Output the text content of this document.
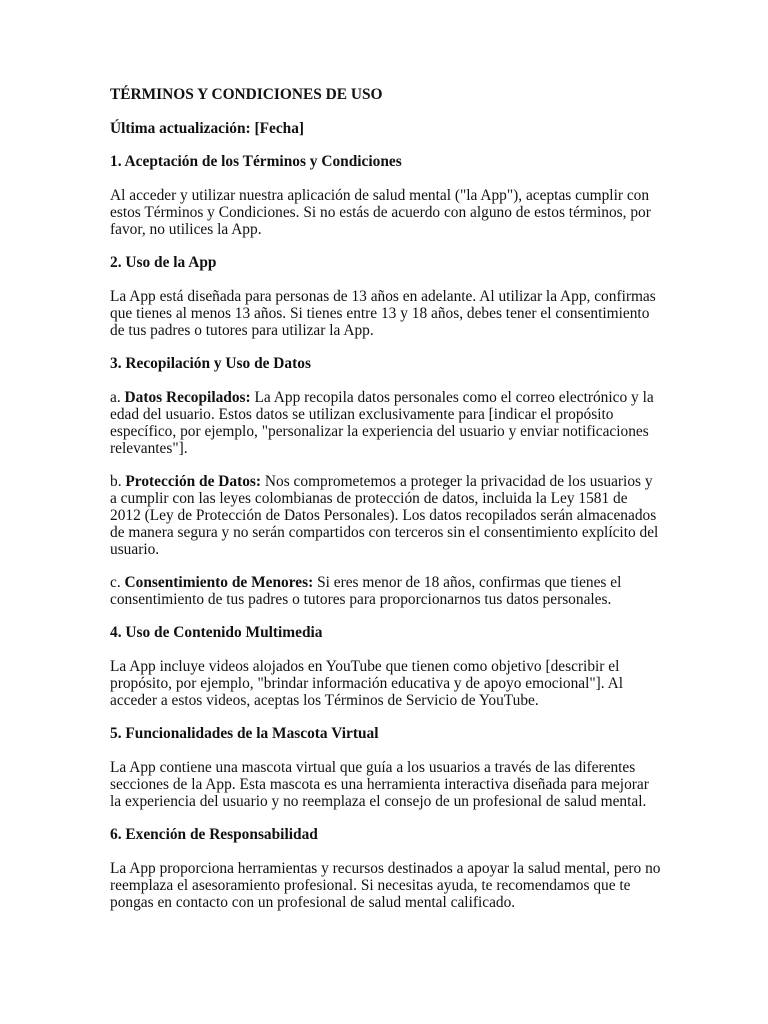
TÉRMINOS Y CONDICIONES DE USO
Última actualización: [Fecha]
1. Aceptación de los Términos y Condiciones

Al acceder y utilizar nuestra aplicación de salud mental ("la App"), aceptas cumplir con estos Términos y Condiciones. Si no estás de acuerdo con alguno de estos términos, por favor, no utilices la App.

2. Uso de la App

La App está diseñada para personas de 13 años en adelante. Al utilizar la App, confirmas que tienes al menos 13 años. Si tienes entre 13 y 18 años, debes tener el consentimiento de tus padres o tutores para utilizar la App.

3. Recopilación y Uso de Datos

a. Datos Recopilados: La App recopila datos personales como el correo electrónico y la edad del usuario. Estos datos se utilizan exclusivamente para [indicar el propósito específico, por ejemplo, "personalizar la experiencia del usuario y enviar notificaciones relevantes"].

b. Protección de Datos: Nos comprometemos a proteger la privacidad de los usuarios y a cumplir con las leyes colombianas de protección de datos, incluida la Ley 1581 de 2012 (Ley de Protección de Datos Personales). Los datos recopilados serán almacenados de manera segura y no serán compartidos con terceros sin el consentimiento explícito del usuario.

c. Consentimiento de Menores: Si eres menor de 18 años, confirmas que tienes el consentimiento de tus padres o tutores para proporcionarnos tus datos personales.

4. Uso de Contenido Multimedia

La App incluye videos alojados en YouTube que tienen como objetivo [describir el propósito, por ejemplo, "brindar información educativa y de apoyo emocional"]. Al acceder a estos videos, aceptas los Términos de Servicio de YouTube.

5. Funcionalidades de la Mascota Virtual

La App contiene una mascota virtual que guía a los usuarios a través de las diferentes secciones de la App. Esta mascota es una herramienta interactiva diseñada para mejorar la experiencia del usuario y no reemplaza el consejo de un profesional de salud mental.

6. Exención de Responsabilidad

La App proporciona herramientas y recursos destinados a apoyar la salud mental, pero no reemplaza el asesoramiento profesional. Si necesitas ayuda, te recomendamos que te pongas en contacto con un profesional de salud mental calificado.
